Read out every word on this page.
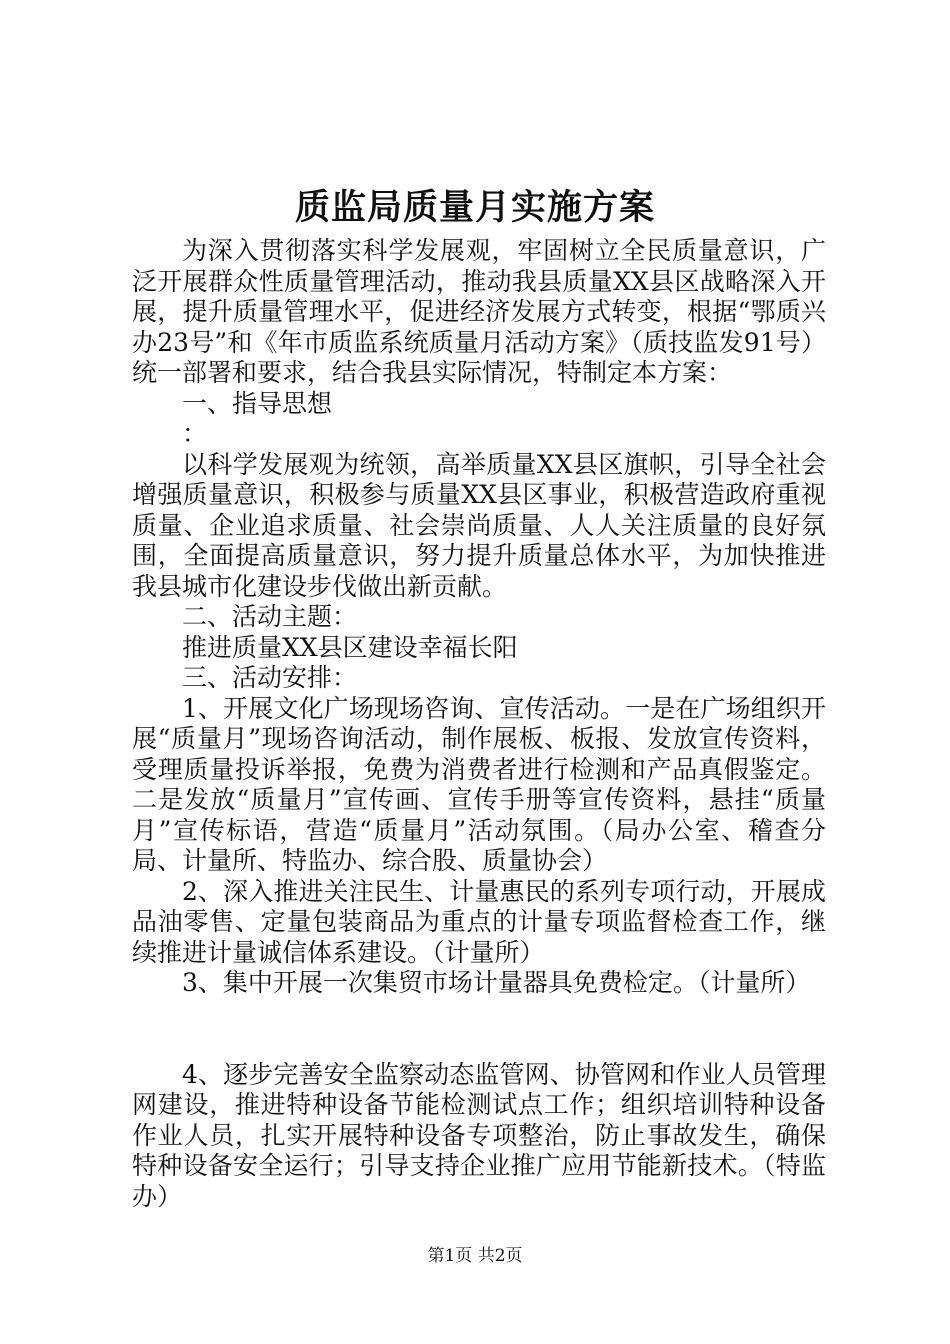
质监局质量月实施方案

为深入贯彻落实科学发展观，牢固树立全民质量意识，广泛开展群众性质量管理活动，推动我县质量XX县区战略深入开展，提升质量管理水平，促进经济发展方式转变，根据“鄂质兴办23号”和《年市质监系统质量月活动方案》（质技监发91号）统一部署和要求，结合我县实际情况，特制定本方案：

一、指导思想

：

以科学发展观为统领，高举质量XX县区旗帜，引导全社会增强质量意识，积极参与质量XX县区事业，积极营造政府重视质量、企业追求质量、社会崇尚质量、人人关注质量的良好氛围，全面提高质量意识，努力提升质量总体水平，为加快推进我县城市化建设步伐做出新贡献。

二、活动主题：

推进质量XX县区建设幸福长阳

三、活动安排：

1、开展文化广场现场咨询、宣传活动。一是在广场组织开展“质量月”现场咨询活动，制作展板、板报、发放宣传资料，受理质量投诉举报，免费为消费者进行检测和产品真假鉴定。二是发放“质量月”宣传画、宣传手册等宣传资料，悬挂“质量月”宣传标语，营造“质量月”活动氛围。（局办公室、稽查分局、计量所、特监办、综合股、质量协会）

2、深入推进关注民生、计量惠民的系列专项行动，开展成品油零售、定量包装商品为重点的计量专项监督检查工作，继续推进计量诚信体系建设。（计量所）

3、集中开展一次集贸市场计量器具免费检定。（计量所）

4、逐步完善安全监察动态监管网、协管网和作业人员管理网建设，推进特种设备节能检测试点工作；组织培训特种设备作业人员，扎实开展特种设备专项整治，防止事故发生，确保特种设备安全运行；引导支持企业推广应用节能新技术。（特监办）

第1页 共2页
